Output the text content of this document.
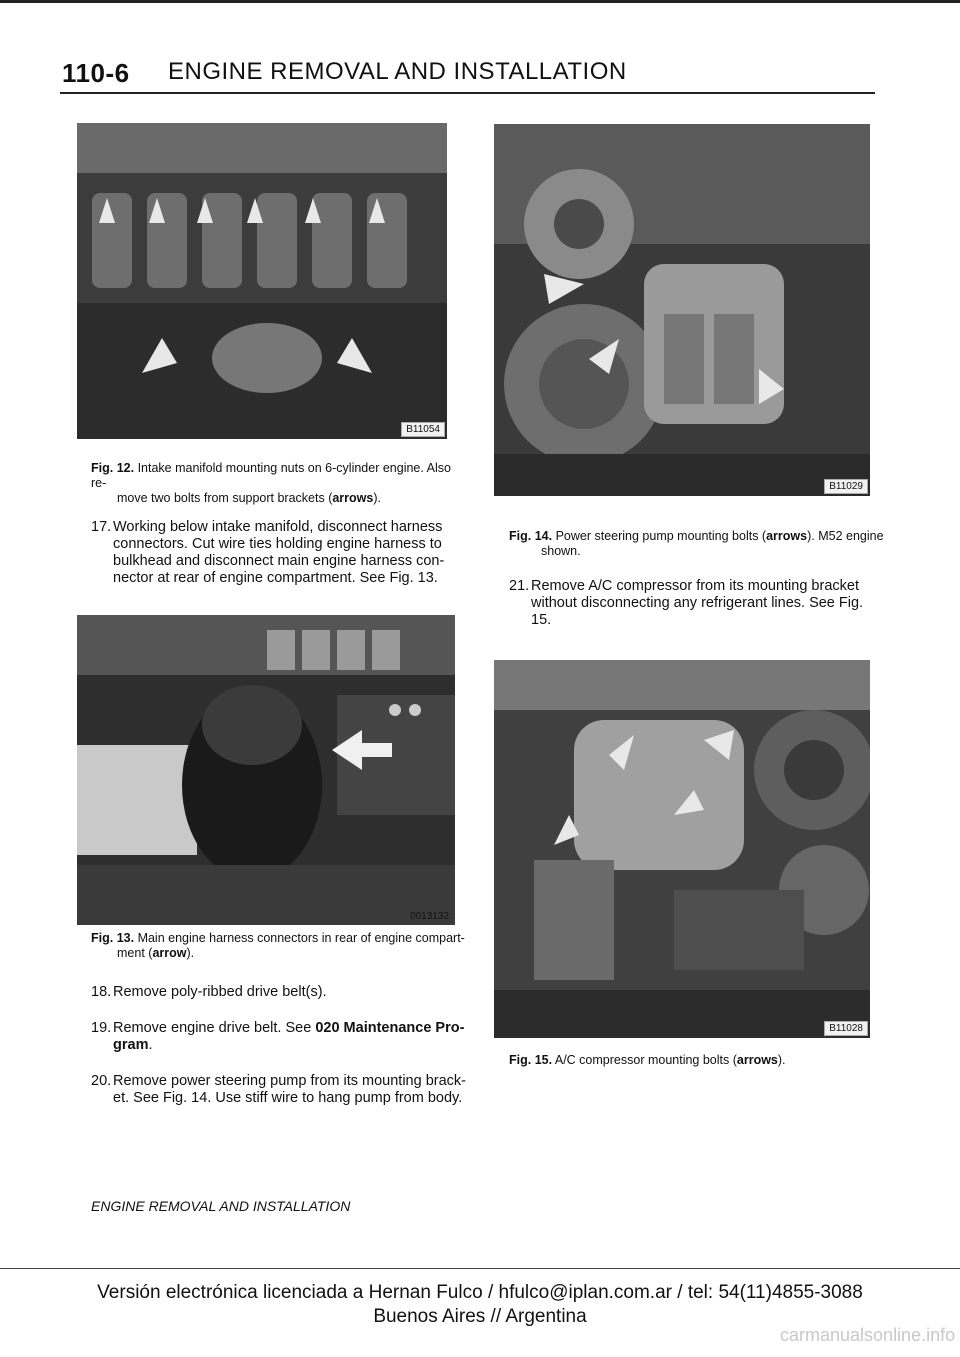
110-6 ENGINE REMOVAL AND INSTALLATION
B11054
Fig. 12. Intake manifold mounting nuts on 6-cylinder engine. Also re-
move two bolts from support brackets (arrows).
17. Working below intake manifold, disconnect harness
connectors. Cut wire ties holding engine harness to
bulkhead and disconnect main engine harness con-
nector at rear of engine compartment. See Fig. 13.
0013132
Fig. 13. Main engine harness connectors in rear of engine compart-
ment (arrow).
18. Remove poly-ribbed drive belt(s).
19. Remove engine drive belt. See 020 Maintenance Pro-
gram.
20. Remove power steering pump from its mounting brack-
et. See Fig. 14. Use stiff wire to hang pump from body.
B11029
Fig. 14. Power steering pump mounting bolts (arrows). M52 engine
shown.
21. Remove A/C compressor from its mounting bracket
without disconnecting any refrigerant lines. See Fig.
15.
B11028
Fig. 15. A/C compressor mounting bolts (arrows).
ENGINE REMOVAL AND INSTALLATION
Versión electrónica licenciada a Hernan Fulco / hfulco@iplan.com.ar / tel: 54(11)4855-3088
Buenos Aires // Argentina
carmanualsonline.info
